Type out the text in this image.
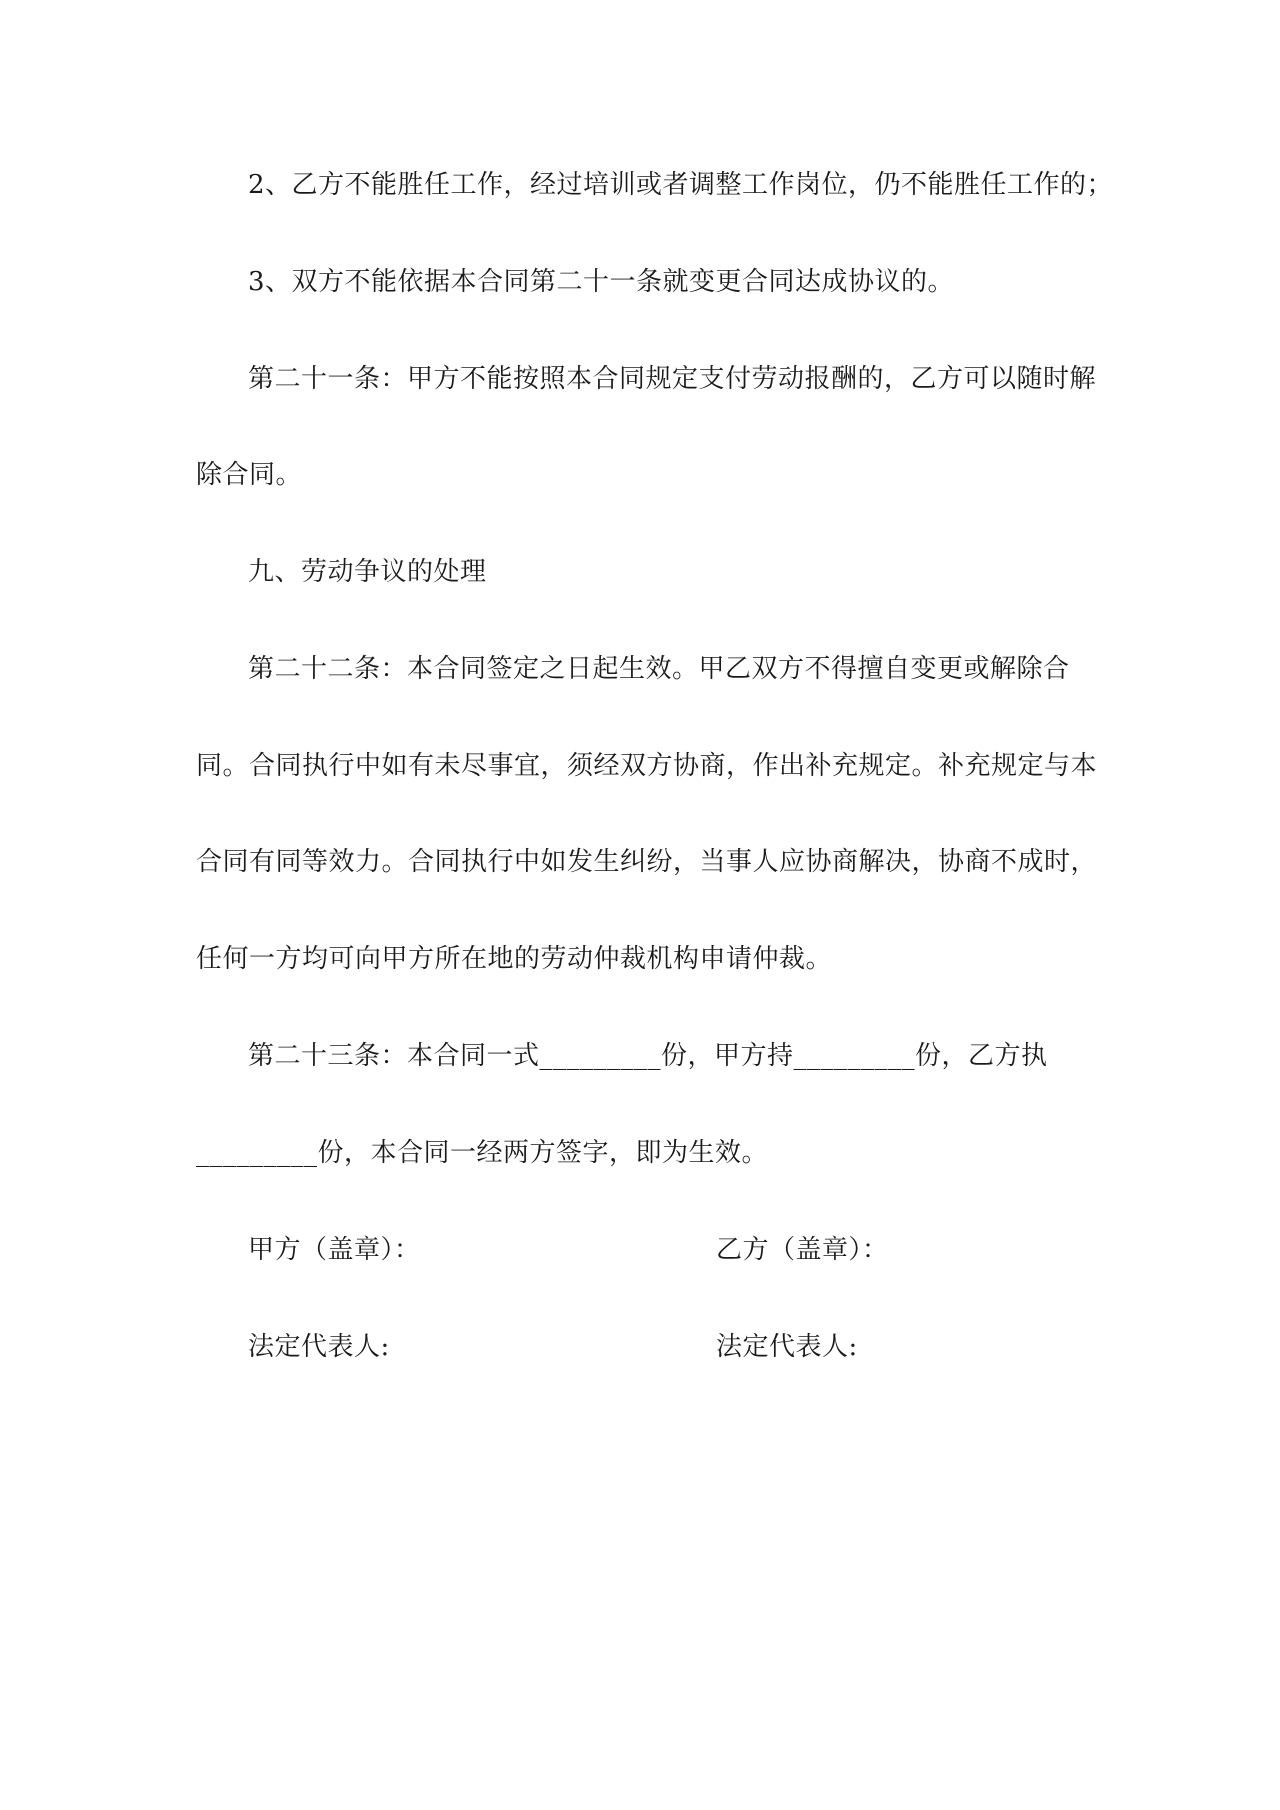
2、乙方不能胜任工作，经过培训或者调整工作岗位，仍不能胜任工作的；
3、双方不能依据本合同第二十一条就变更合同达成协议的。
第二十一条：甲方不能按照本合同规定支付劳动报酬的，乙方可以随时解
除合同。
九、劳动争议的处理
第二十二条：本合同签定之日起生效。甲乙双方不得擅自变更或解除合
同。合同执行中如有未尽事宜，须经双方协商，作出补充规定。补充规定与本
合同有同等效力。合同执行中如发生纠纷，当事人应协商解决，协商不成时，
任何一方均可向甲方所在地的劳动仲裁机构申请仲裁。
第二十三条：本合同一式_________份，甲方持_________份，乙方执
_________份，本合同一经两方签字，即为生效。
甲方（盖章）：	乙方（盖章）：
法定代表人:	法定代表人:
